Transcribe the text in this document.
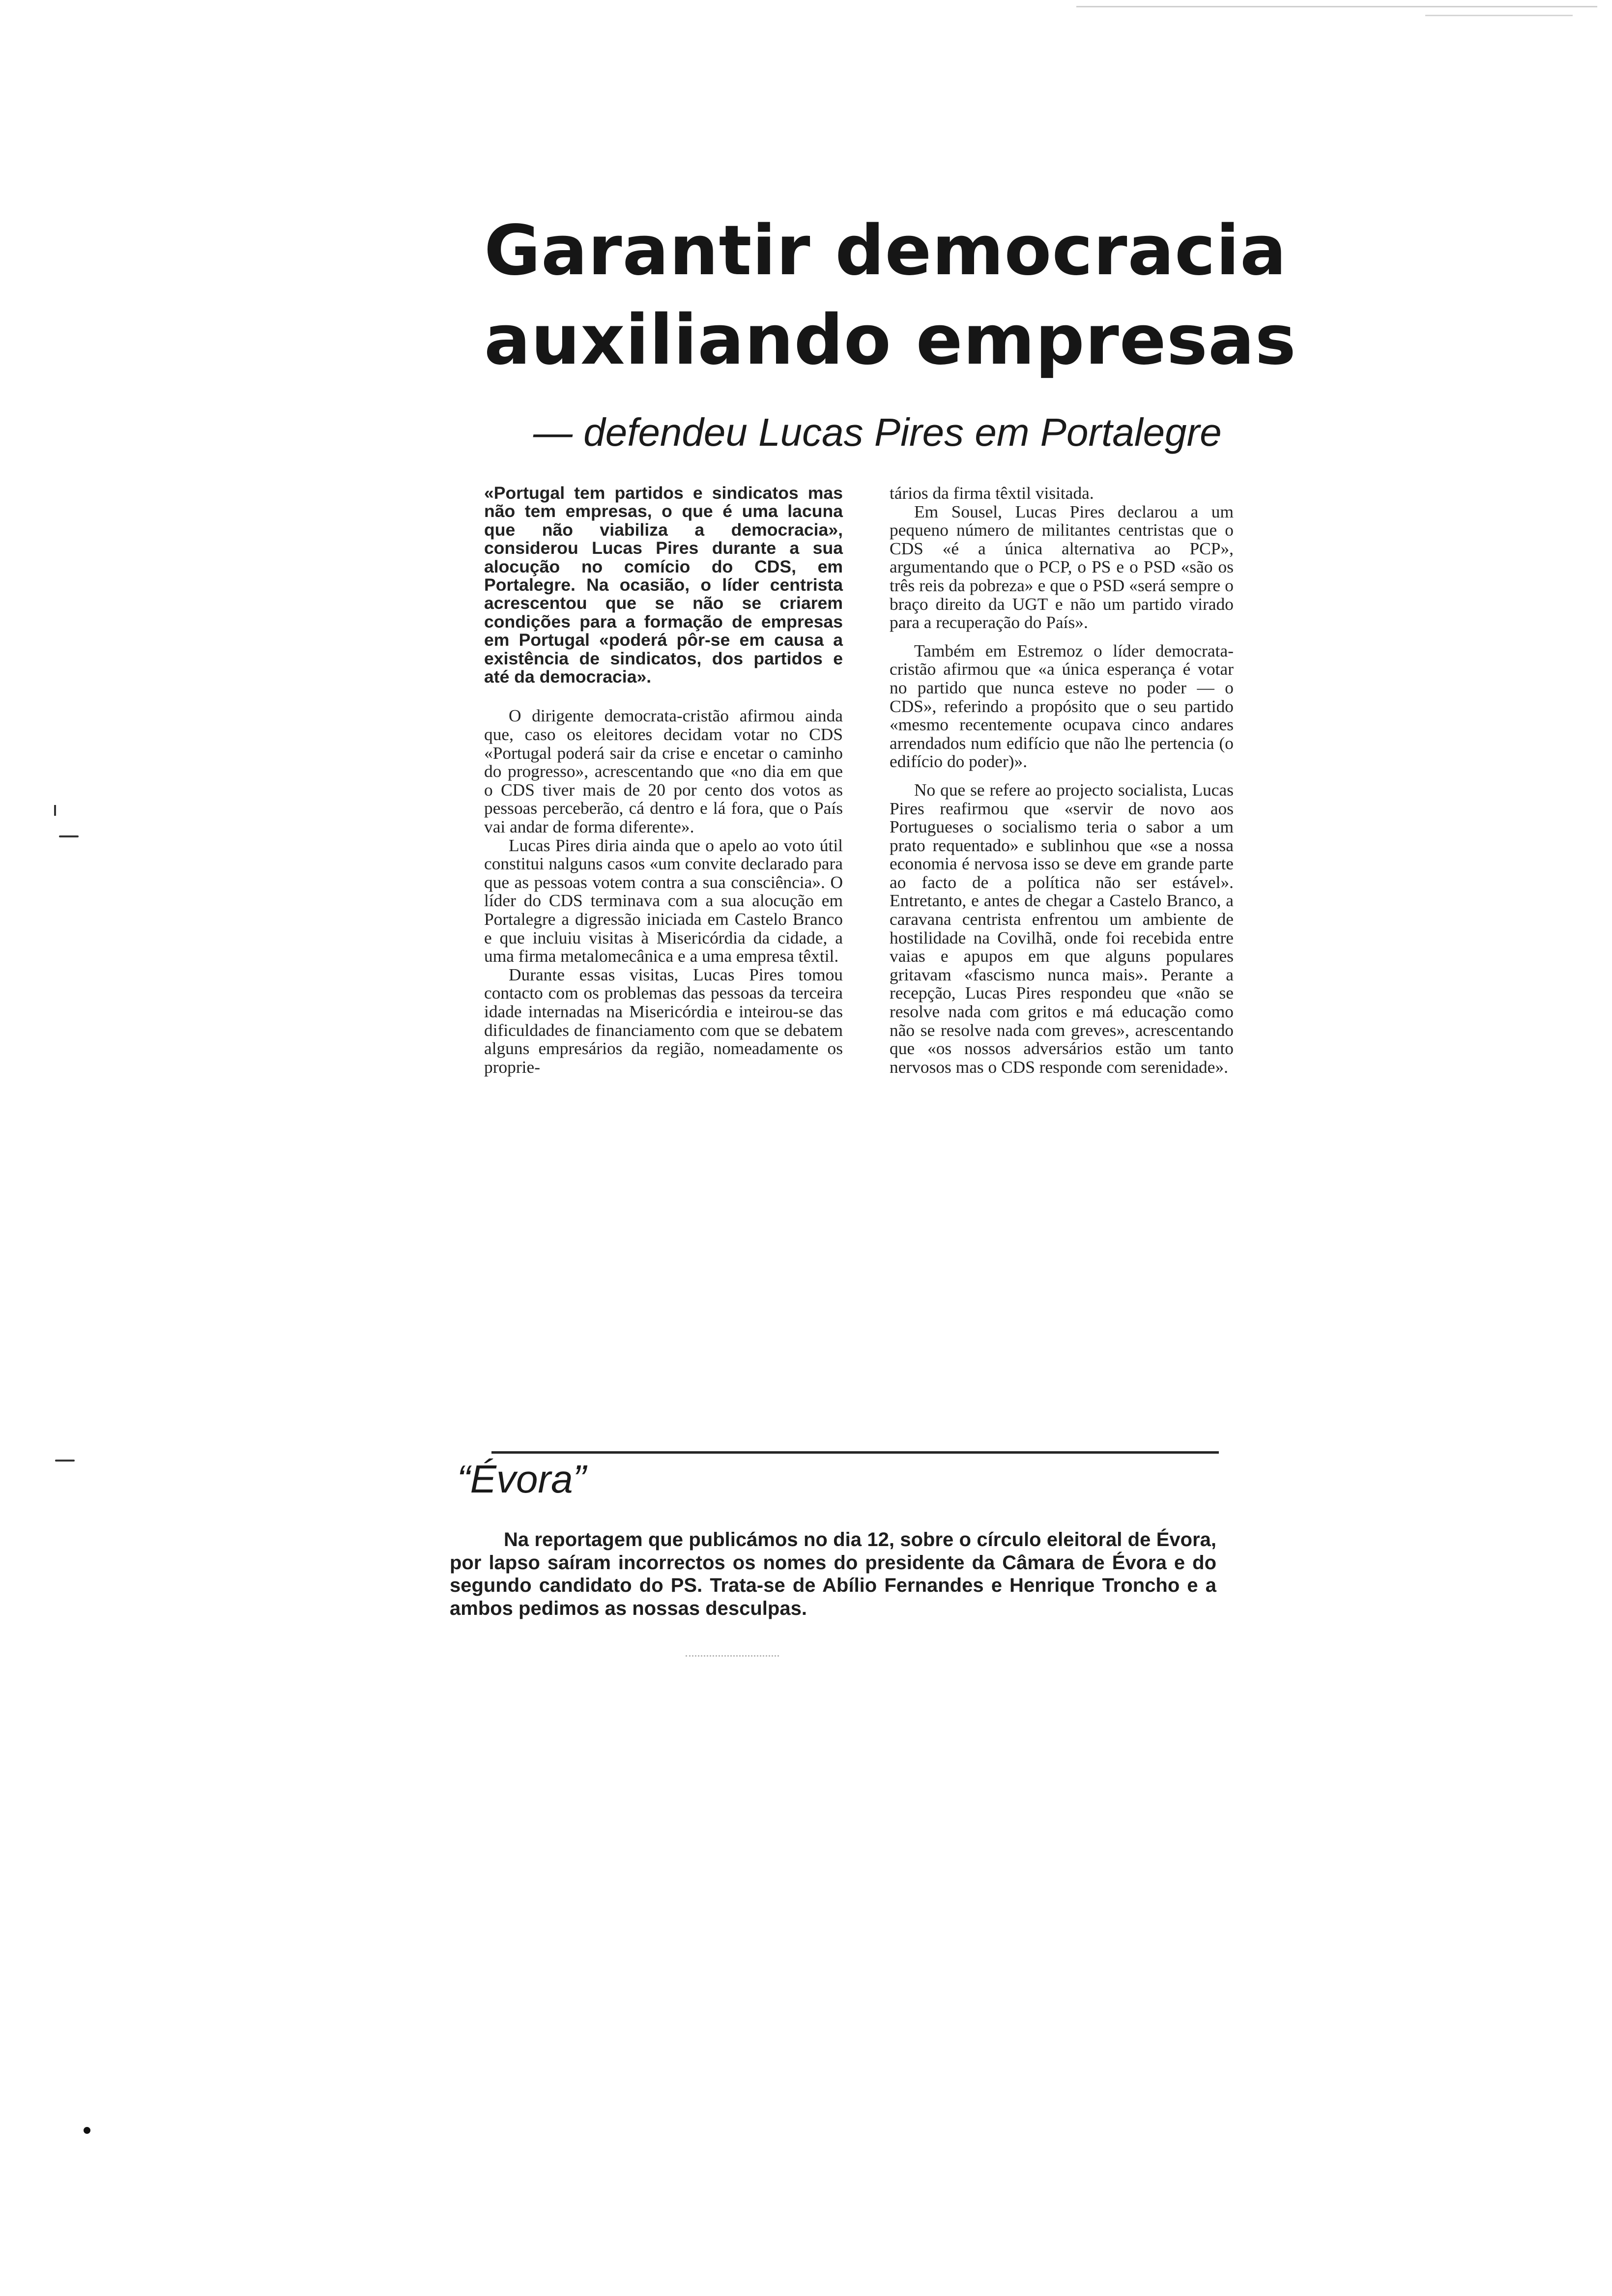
Garantir democracia
auxiliando empresas
— defendeu Lucas Pires em Portalegre

«Portugal tem partidos e sindicatos mas não tem empresas, o que é uma lacuna que não viabiliza a democracia», considerou Lucas Pires durante a sua alocução no comício do CDS, em Portalegre. Na ocasião, o líder centrista acrescentou que se não se criarem condições para a formação de empresas em Portugal «poderá pôr-se em causa a existência de sindicatos, dos partidos e até da democracia».

O dirigente democrata-cristão afirmou ainda que, caso os eleitores decidam votar no CDS «Portugal poderá sair da crise e encetar o caminho do progresso», acrescentando que «no dia em que o CDS tiver mais de 20 por cento dos votos as pessoas perceberão, cá dentro e lá fora, que o País vai andar de forma diferente».

Lucas Pires diria ainda que o apelo ao voto útil constitui nalguns casos «um convite declarado para que as pessoas votem contra a sua consciência». O líder do CDS terminava com a sua alocução em Portalegre a digressão iniciada em Castelo Branco e que incluiu visitas à Misericórdia da cidade, a uma firma metalomecânica e a uma empresa têxtil.

Durante essas visitas, Lucas Pires tomou contacto com os problemas das pessoas da terceira idade internadas na Misericórdia e inteirou-se das dificuldades de financiamento com que se debatem alguns empresários da região, nomeadamente os proprie-

tários da firma têxtil visitada.

Em Sousel, Lucas Pires declarou a um pequeno número de militantes centristas que o CDS «é a única alternativa ao PCP», argumentando que o PCP, o PS e o PSD «são os três reis da pobreza» e que o PSD «será sempre o braço direito da UGT e não um partido virado para a recuperação do País».

Também em Estremoz o líder democrata-cristão afirmou que «a única esperança é votar no partido que nunca esteve no poder — o CDS», referindo a propósito que o seu partido «mesmo recentemente ocupava cinco andares arrendados num edifício que não lhe pertencia (o edifício do poder)».

No que se refere ao projecto socialista, Lucas Pires reafirmou que «servir de novo aos Portugueses o socialismo teria o sabor a um prato requentado» e sublinhou que «se a nossa economia é nervosa isso se deve em grande parte ao facto de a política não ser estável». Entretanto, e antes de chegar a Castelo Branco, a caravana centrista enfrentou um ambiente de hostilidade na Covilhã, onde foi recebida entre vaias e apupos em que alguns populares gritavam «fascismo nunca mais». Perante a recepção, Lucas Pires respondeu que «não se resolve nada com gritos e má educação como não se resolve nada com greves», acrescentando que «os nossos adversários estão um tanto nervosos mas o CDS responde com serenidade».

“Évora”

Na reportagem que publicámos no dia 12, sobre o círculo eleitoral de Évora, por lapso saíram incorrectos os nomes do presidente da Câmara de Évora e do segundo candidato do PS. Trata-se de Abílio Fernandes e Henrique Troncho e a ambos pedimos as nossas desculpas.
